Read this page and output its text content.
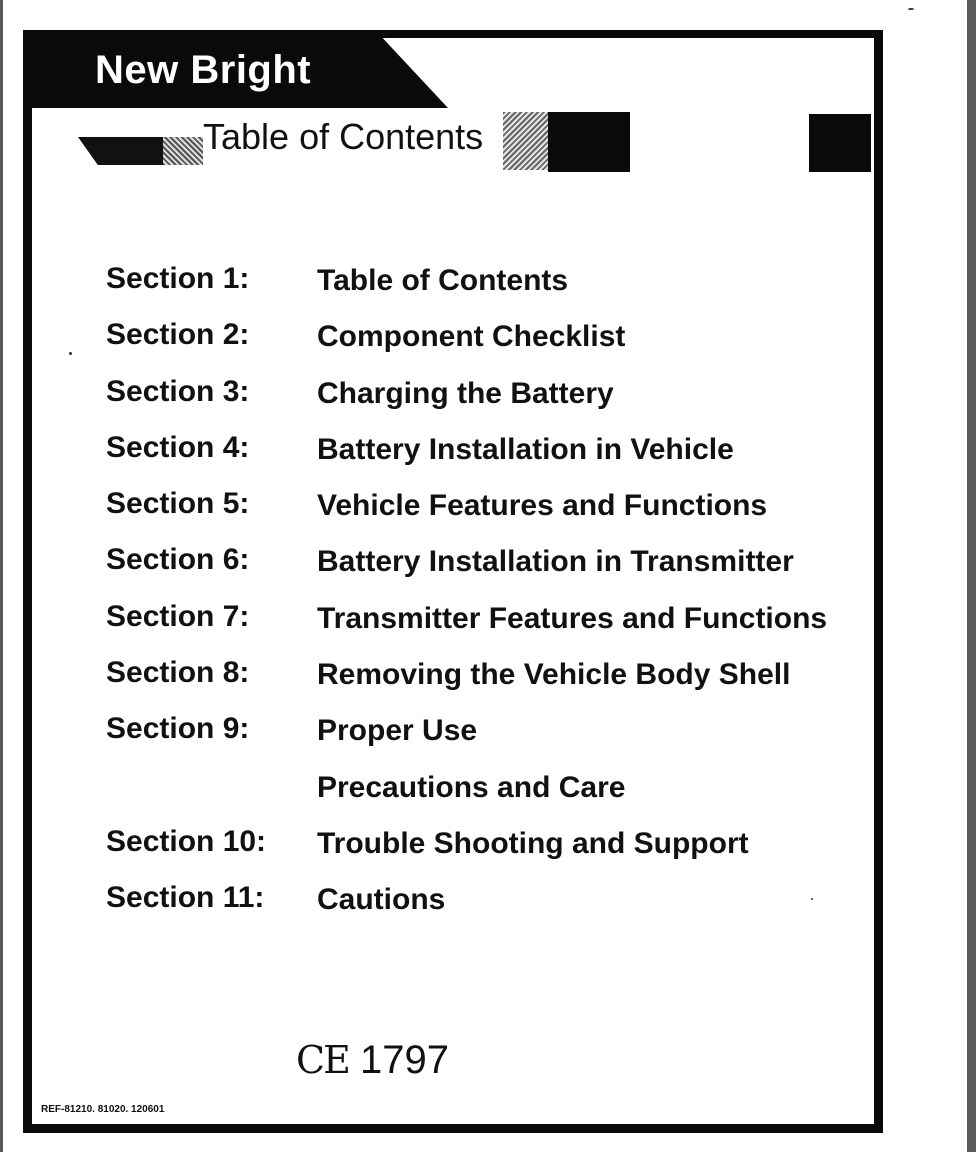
New Bright
Table of Contents
Section 1: Table of Contents
Section 2: Component Checklist
Section 3: Charging the Battery
Section 4: Battery Installation in Vehicle
Section 5: Vehicle Features and Functions
Section 6: Battery Installation in Transmitter
Section 7: Transmitter Features and Functions
Section 8: Removing the Vehicle Body Shell
Section 9: Proper Use
Precautions and Care
Section 10: Trouble Shooting and Support
Section 11: Cautions
CE 1797
REF-81210. 81020. 120601
